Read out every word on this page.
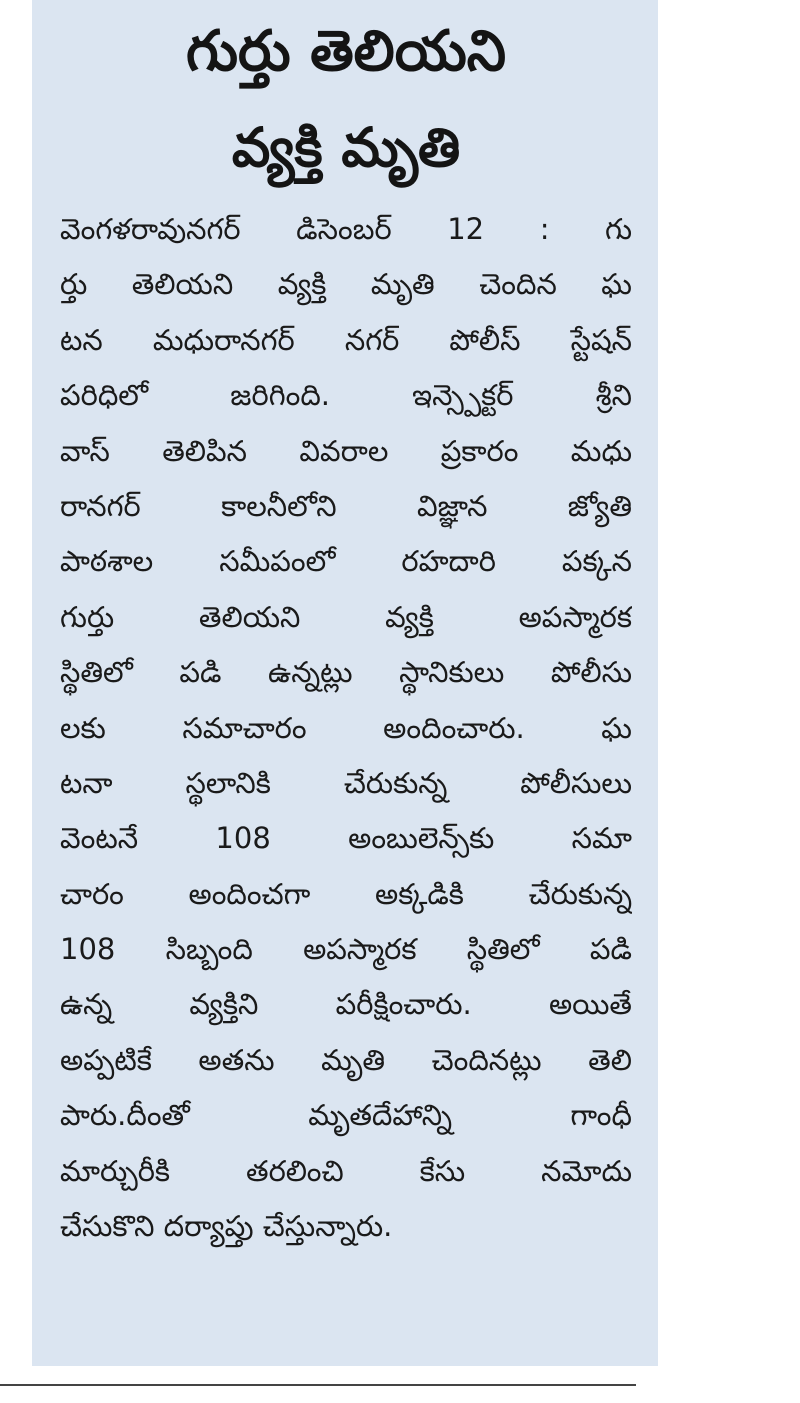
గుర్తు తెలియని
వ్యక్తి మృతి
వెంగళరావునగర్ డిసెంబర్ 12 : గు
ర్తు తెలియని వ్యక్తి మృతి చెందిన ఘ
టన మధురానగర్ నగర్ పోలీస్ స్టేషన్
పరిధిలో జరిగింది. ఇన్స్పెక్టర్ శ్రీని
వాస్ తెలిపిన వివరాల ప్రకారం మధు
రానగర్ కాలనీలోని విజ్ఞాన జ్యోతి
పాఠశాల సమీపంలో రహదారి పక్కన
గుర్తు తెలియని వ్యక్తి అపస్మారక
స్థితిలో పడి ఉన్నట్లు స్థానికులు పోలీసు
లకు సమాచారం అందించారు. ఘ
టనా స్థలానికి చేరుకున్న పోలీసులు
వెంటనే 108 అంబులెన్స్‌కు సమా
చారం అందించగా అక్కడికి చేరుకున్న
108 సిబ్బంది అపస్మారక స్థితిలో పడి
ఉన్న వ్యక్తిని పరీక్షించారు. అయితే
అప్పటికే అతను మృతి చెందినట్లు తెలి
పారు.దీంతో మృతదేహాన్ని గాంధీ
మార్చురీకి తరలించి కేసు నమోదు
చేసుకొని దర్యాప్తు చేస్తున్నారు.
